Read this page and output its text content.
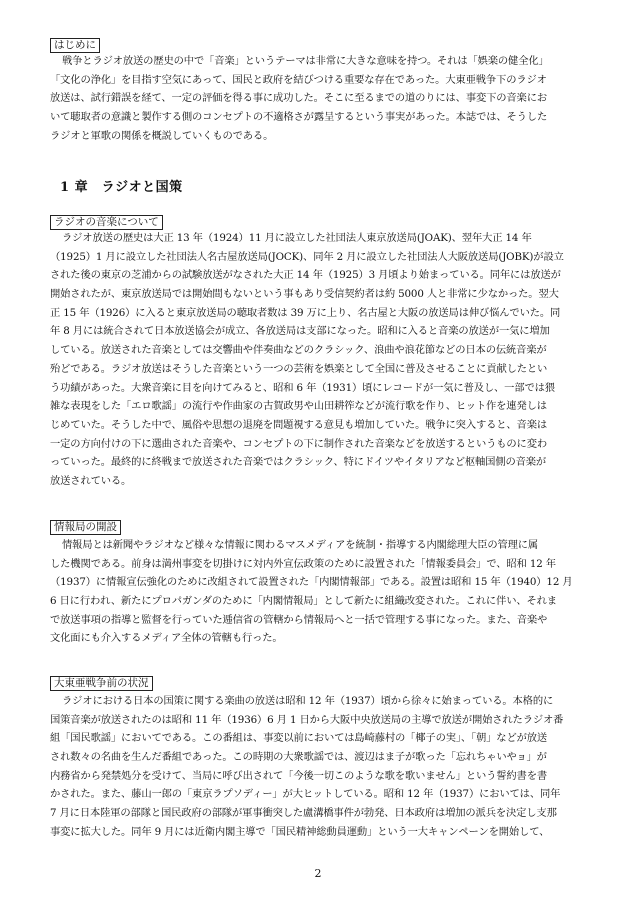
はじめに
戦争とラジオ放送の歴史の中で「音楽」というテーマは非常に大きな意味を持つ。それは「娯楽の健全化」
「文化の浄化」を目指す空気にあって、国民と政府を結びつける重要な存在であった。大東亜戦争下のラジオ
放送は、試行錯誤を経て、一定の評価を得る事に成功した。そこに至るまでの道のりには、事変下の音楽にお
いて聴取者の意識と製作する側のコンセプトの不適格さが露呈するという事実があった。本誌では、そうした
ラジオと軍歌の関係を概説していくものである。
1 章　ラジオと国策
ラジオの音楽について
ラジオ放送の歴史は大正 13 年（1924）11 月に設立した社団法人東京放送局(JOAK)、翌年大正 14 年
（1925）1 月に設立した社団法人名古屋放送局(JOCK)、同年 2 月に設立した社団法人大阪放送局(JOBK)が設立
された後の東京の芝浦からの試験放送がなされた大正 14 年（1925）3 月頃より始まっている。同年には放送が
開始されたが、東京放送局では開始間もないという事もあり受信契約者は約 5000 人と非常に少なかった。翌大
正 15 年（1926）に入ると東京放送局の聴取者数は 39 万に上り、名古屋と大阪の放送局は伸び悩んでいた。同
年 8 月には統合されて日本放送協会が成立、各放送局は支部になった。昭和に入ると音楽の放送が一気に増加
している。放送された音楽としては交響曲や伴奏曲などのクラシック、浪曲や浪花節などの日本の伝統音楽が
殆どである。ラジオ放送はそうした音楽という一つの芸術を娯楽として全国に普及させることに貢献したとい
う功績があった。大衆音楽に目を向けてみると、昭和 6 年（1931）頃にレコードが一気に普及し、一部では猥
雑な表現をした「エロ歌謡」の流行や作曲家の古賀政男や山田耕筰などが流行歌を作り、ヒット作を連発しは
じめていた。そうした中で、風俗や思想の退廃を問題視する意見も増加していた。戦争に突入すると、音楽は
一定の方向付けの下に選曲された音楽や、コンセプトの下に制作された音楽などを放送するというものに変わ
っていった。最終的に終戦まで放送された音楽ではクラシック、特にドイツやイタリアなど枢軸国側の音楽が
放送されている。
情報局の開設
情報局とは新聞やラジオなど様々な情報に関わるマスメディアを統制・指導する内閣総理大臣の管理に属
した機関である。前身は満州事変を切掛けに対内外宣伝政策のために設置された「情報委員会」で、昭和 12 年
（1937）に情報宣伝強化のために改組されて設置された「内閣情報部」である。設置は昭和 15 年（1940）12 月
6 日に行われ、新たにプロパガンダのために「内閣情報局」として新たに組織改変された。これに伴い、それま
で放送事項の指導と監督を行っていた逓信省の管轄から情報局へと一括で管理する事になった。また、音楽や
文化面にも介入するメディア全体の管轄も行った。
大東亜戦争前の状況
ラジオにおける日本の国策に関する楽曲の放送は昭和 12 年（1937）頃から徐々に始まっている。本格的に
国策音楽が放送されたのは昭和 11 年（1936）6 月 1 日から大阪中央放送局の主導で放送が開始されたラジオ番
組「国民歌謡」においてである。この番組は、事変以前においては島崎藤村の「椰子の実」、「朝」などが放送
され数々の名曲を生んだ番組であった。この時期の大衆歌謡では、渡辺はま子が歌った「忘れちゃいやョ」が
内務省から発禁処分を受けて、当局に呼び出されて「今後一切このような歌を歌いません」という誓約書を書
かされた。また、藤山一郎の「東京ラプソディー」が大ヒットしている。昭和 12 年（1937）においては、同年
7 月に日本陸軍の部隊と国民政府の部隊が軍事衝突した盧溝橋事件が勃発、日本政府は増加の派兵を決定し支那
事変に拡大した。同年 9 月には近衛内閣主導で「国民精神総動員運動」という一大キャンペーンを開始して、
2
